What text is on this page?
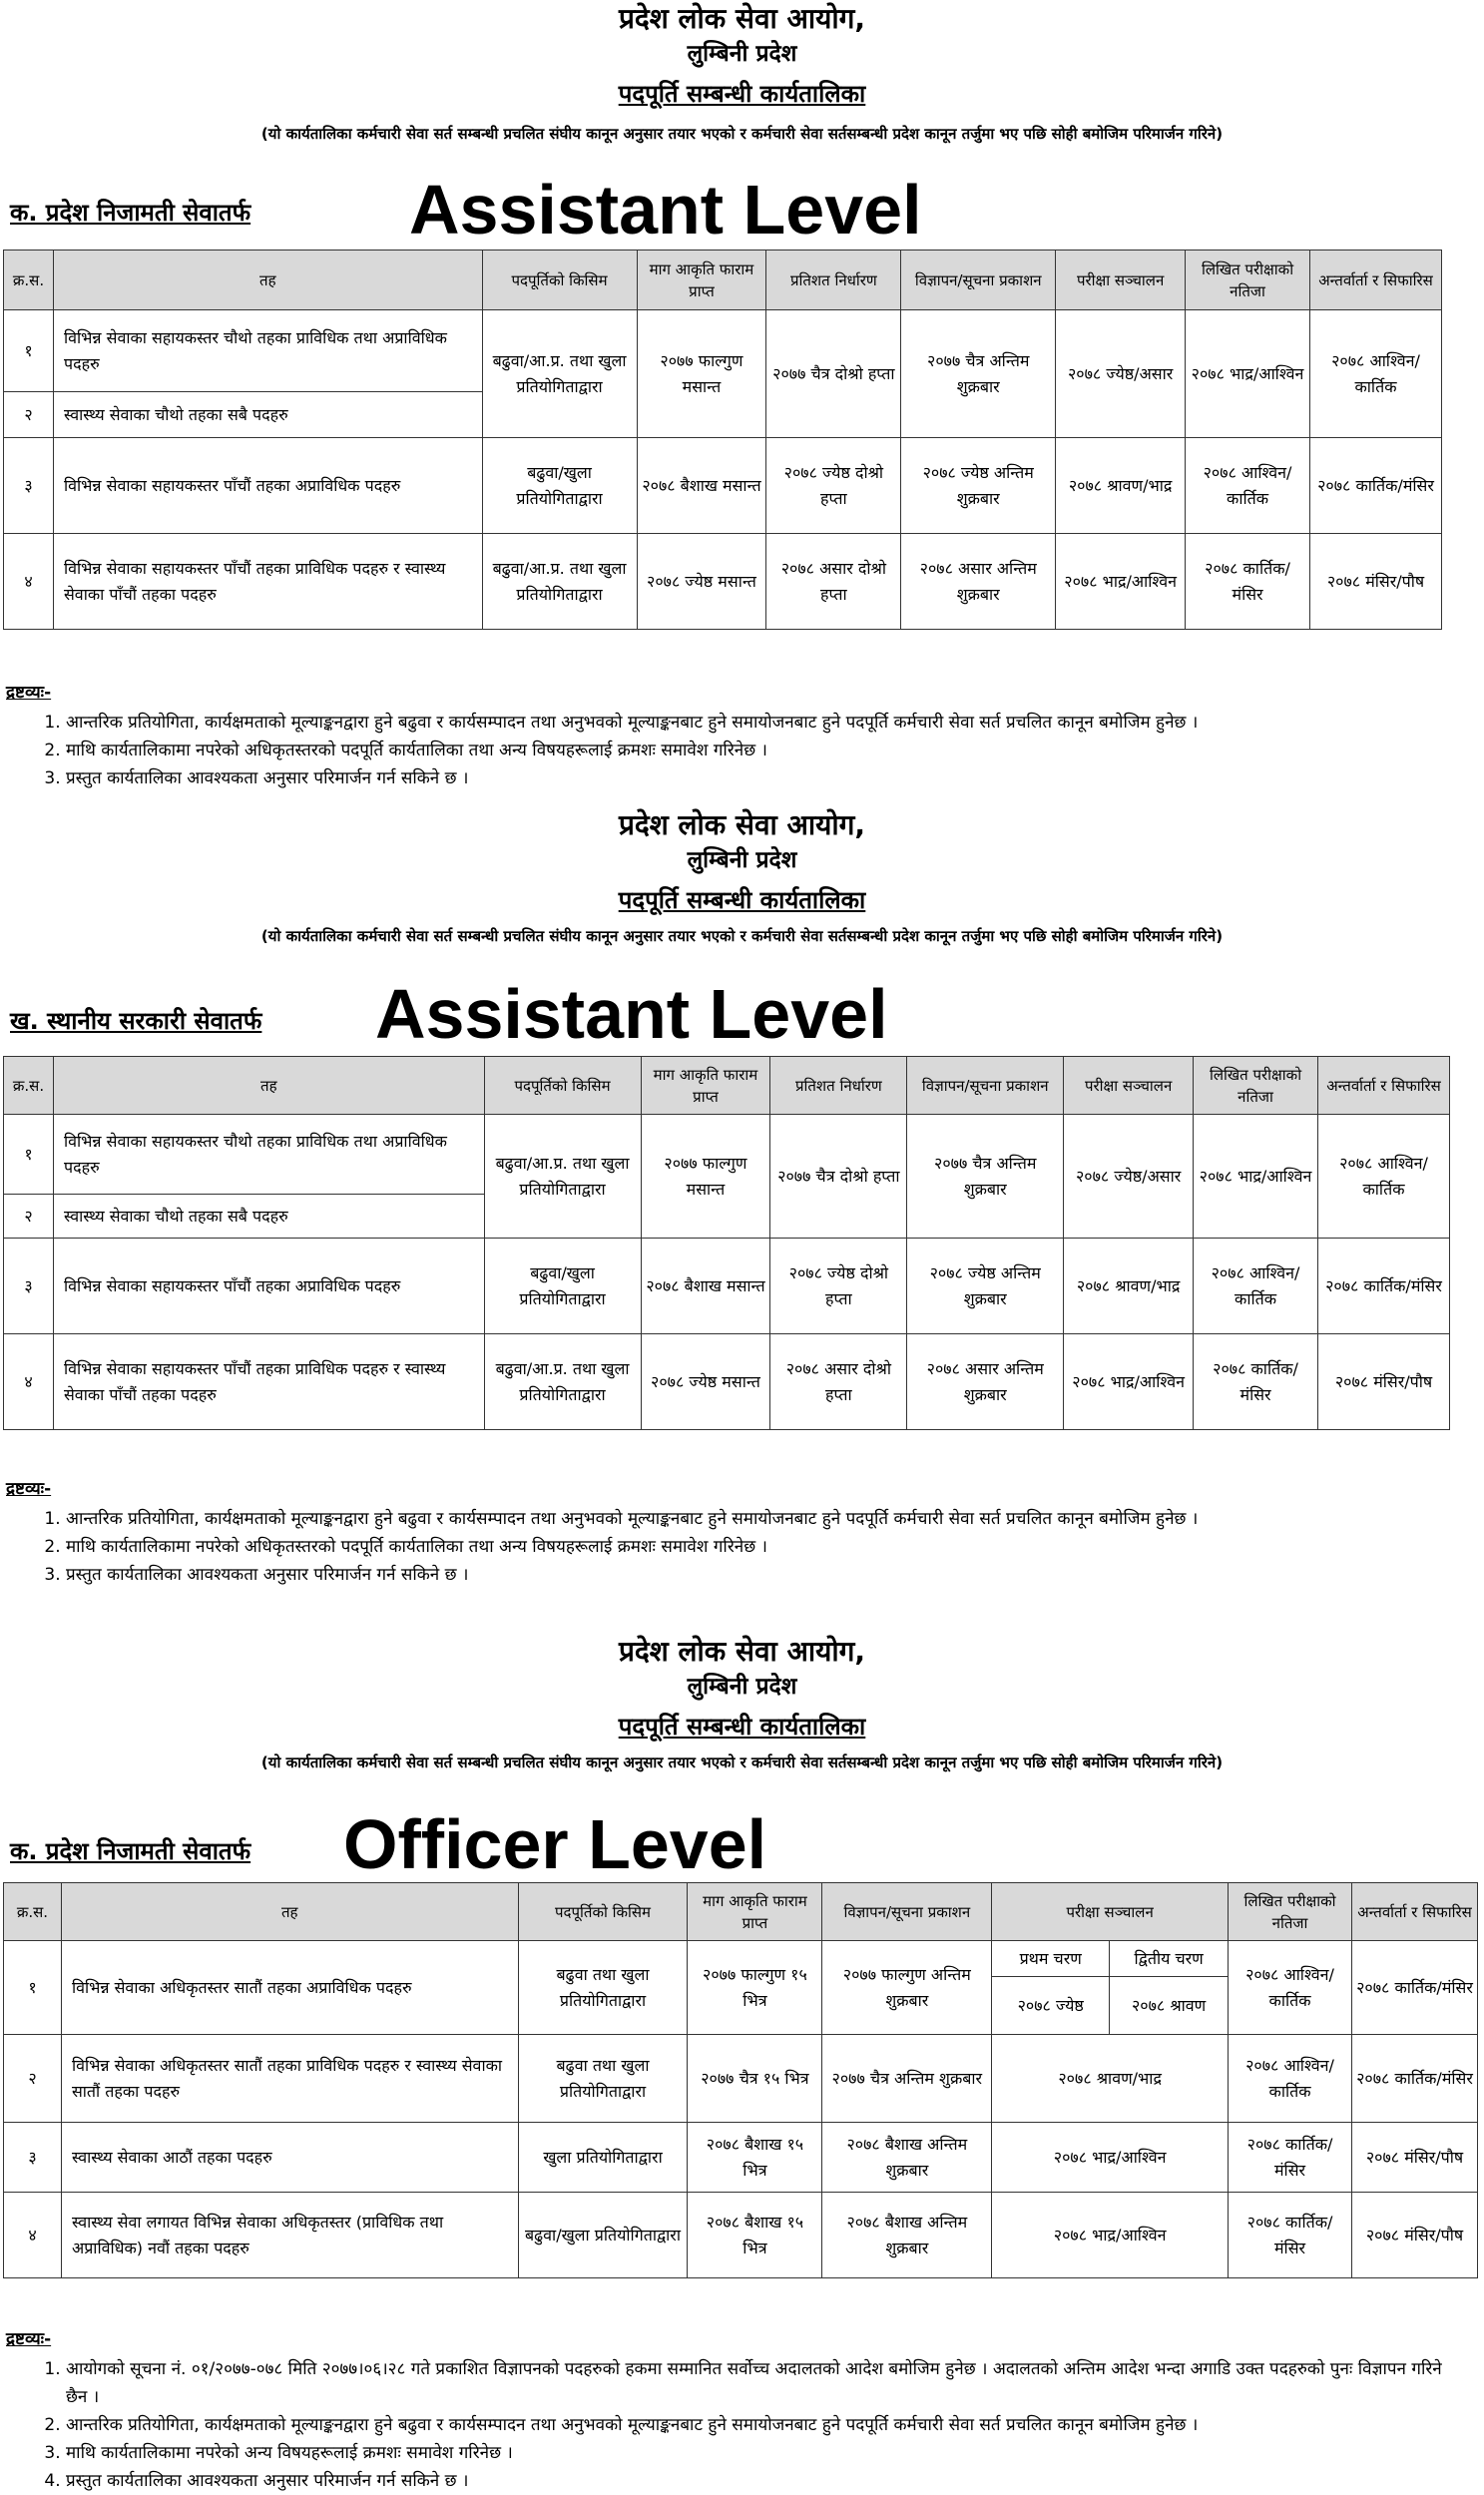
प्रदेश लोक सेवा आयोग,
लुम्बिनी प्रदेश
पदपूर्ति सम्बन्धी कार्यतालिका
(यो कार्यतालिका कर्मचारी सेवा सर्त सम्बन्धी प्रचलित संघीय कानून अनुसार तयार भएको र कर्मचारी सेवा सर्तसम्बन्धी प्रदेश कानून तर्जुमा भए पछि सोही बमोजिम परिमार्जन गरिने)
क. प्रदेश निजामती सेवातर्फ Assistant Level
क्र.स.	तह	पदपूर्तिको किसिम	माग आकृति फाराम प्राप्त	प्रतिशत निर्धारण	विज्ञापन/सूचना प्रकाशन	परीक्षा सञ्चालन	लिखित परीक्षाको नतिजा	अन्तर्वार्ता र सिफारिस
१	विभिन्न सेवाका सहायकस्तर चौथो तहका प्राविधिक तथा अप्राविधिक पदहरु	बढुवा/आ.प्र. तथा खुला प्रतियोगिताद्वारा	२०७७ फाल्गुण मसान्त	२०७७ चैत्र दोश्रो हप्ता	२०७७ चैत्र अन्तिम शुक्रबार	२०७८ ज्येष्ठ/असार	२०७८ भाद्र/आश्विन	२०७८ आश्विन/कार्तिक
२	स्वास्थ्य सेवाका चौथो तहका सबै पदहरु							
३	विभिन्न सेवाका सहायकस्तर पाँचौं तहका अप्राविधिक पदहरु	बढुवा/खुला प्रतियोगिताद्वारा	२०७८ बैशाख मसान्त	२०७८ ज्येष्ठ दोश्रो हप्ता	२०७८ ज्येष्ठ अन्तिम शुक्रबार	२०७८ श्रावण/भाद्र	२०७८ आश्विन/कार्तिक	२०७८ कार्तिक/मंसिर
४	विभिन्न सेवाका सहायकस्तर पाँचौं तहका प्राविधिक पदहरु र स्वास्थ्य सेवाका पाँचौं तहका पदहरु	बढुवा/आ.प्र. तथा खुला प्रतियोगिताद्वारा	२०७८ ज्येष्ठ मसान्त	२०७८ असार दोश्रो हप्ता	२०७८ असार अन्तिम शुक्रबार	२०७८ भाद्र/आश्विन	२०७८ कार्तिक/मंसिर	२०७८ मंसिर/पौष
द्रष्टव्यः-
1. आन्तरिक प्रतियोगिता, कार्यक्षमताको मूल्याङ्कनद्वारा हुने बढुवा र कार्यसम्पादन तथा अनुभवको मूल्याङ्कनबाट हुने समायोजनबाट हुने पदपूर्ति कर्मचारी सेवा सर्त प्रचलित कानून बमोजिम हुनेछ ।
2. माथि कार्यतालिकामा नपरेको अधिकृतस्तरको पदपूर्ति कार्यतालिका तथा अन्य विषयहरूलाई क्रमशः समावेश गरिनेछ ।
3. प्रस्तुत कार्यतालिका आवश्यकता अनुसार परिमार्जन गर्न सकिने छ ।
प्रदेश लोक सेवा आयोग,
लुम्बिनी प्रदेश
पदपूर्ति सम्बन्धी कार्यतालिका
(यो कार्यतालिका कर्मचारी सेवा सर्त सम्बन्धी प्रचलित संघीय कानून अनुसार तयार भएको र कर्मचारी सेवा सर्तसम्बन्धी प्रदेश कानून तर्जुमा भए पछि सोही बमोजिम परिमार्जन गरिने)
ख. स्थानीय सरकारी सेवातर्फ Assistant Level
क्र.स.	तह	पदपूर्तिको किसिम	माग आकृति फाराम प्राप्त	प्रतिशत निर्धारण	विज्ञापन/सूचना प्रकाशन	परीक्षा सञ्चालन	लिखित परीक्षाको नतिजा	अन्तर्वार्ता र सिफारिस
१	विभिन्न सेवाका सहायकस्तर चौथो तहका प्राविधिक तथा अप्राविधिक पदहरु	बढुवा/आ.प्र. तथा खुला प्रतियोगिताद्वारा	२०७७ फाल्गुण मसान्त	२०७७ चैत्र दोश्रो हप्ता	२०७७ चैत्र अन्तिम शुक्रबार	२०७८ ज्येष्ठ/असार	२०७८ भाद्र/आश्विन	२०७८ आश्विन/कार्तिक
२	स्वास्थ्य सेवाका चौथो तहका सबै पदहरु							
३	विभिन्न सेवाका सहायकस्तर पाँचौं तहका अप्राविधिक पदहरु	बढुवा/खुला प्रतियोगिताद्वारा	२०७८ बैशाख मसान्त	२०७८ ज्येष्ठ दोश्रो हप्ता	२०७८ ज्येष्ठ अन्तिम शुक्रबार	२०७८ श्रावण/भाद्र	२०७८ आश्विन/कार्तिक	२०७८ कार्तिक/मंसिर
४	विभिन्न सेवाका सहायकस्तर पाँचौं तहका प्राविधिक पदहरु र स्वास्थ्य सेवाका पाँचौं तहका पदहरु	बढुवा/आ.प्र. तथा खुला प्रतियोगिताद्वारा	२०७८ ज्येष्ठ मसान्त	२०७८ असार दोश्रो हप्ता	२०७८ असार अन्तिम शुक्रबार	२०७८ भाद्र/आश्विन	२०७८ कार्तिक/मंसिर	२०७८ मंसिर/पौष
द्रष्टव्यः-
1. आन्तरिक प्रतियोगिता, कार्यक्षमताको मूल्याङ्कनद्वारा हुने बढुवा र कार्यसम्पादन तथा अनुभवको मूल्याङ्कनबाट हुने समायोजनबाट हुने पदपूर्ति कर्मचारी सेवा सर्त प्रचलित कानून बमोजिम हुनेछ ।
2. माथि कार्यतालिकामा नपरेको अधिकृतस्तरको पदपूर्ति कार्यतालिका तथा अन्य विषयहरूलाई क्रमशः समावेश गरिनेछ ।
3. प्रस्तुत कार्यतालिका आवश्यकता अनुसार परिमार्जन गर्न सकिने छ ।
प्रदेश लोक सेवा आयोग,
लुम्बिनी प्रदेश
पदपूर्ति सम्बन्धी कार्यतालिका
(यो कार्यतालिका कर्मचारी सेवा सर्त सम्बन्धी प्रचलित संघीय कानून अनुसार तयार भएको र कर्मचारी सेवा सर्तसम्बन्धी प्रदेश कानून तर्जुमा भए पछि सोही बमोजिम परिमार्जन गरिने)
क. प्रदेश निजामती सेवातर्फ Officer Level
क्र.स.	तह	पदपूर्तिको किसिम	माग आकृति फाराम प्राप्त	विज्ञापन/सूचना प्रकाशन	परीक्षा सञ्चालन		लिखित परीक्षाको नतिजा	अन्तर्वार्ता र सिफारिस
१	विभिन्न सेवाका अधिकृतस्तर सातौं तहका अप्राविधिक पदहरु	बढुवा तथा खुला प्रतियोगिताद्वारा	२०७७ फाल्गुण १५ भित्र	२०७७ फाल्गुण अन्तिम शुक्रबार	प्रथम चरण	द्वितीय चरण	२०७८ आश्विन/कार्तिक	२०७८ कार्तिक/मंसिर
					२०७८ ज्येष्ठ	२०७८ श्रावण		
२	विभिन्न सेवाका अधिकृतस्तर सातौं तहका प्राविधिक पदहरु र स्वास्थ्य सेवाका सातौं तहका पदहरु	बढुवा तथा खुला प्रतियोगिताद्वारा	२०७७ चैत्र १५ भित्र	२०७७ चैत्र अन्तिम शुक्रबार	२०७८ श्रावण/भाद्र		२०७८ आश्विन/कार्तिक	२०७८ कार्तिक/मंसिर
३	स्वास्थ्य सेवाका आठौं तहका पदहरु	खुला प्रतियोगिताद्वारा	२०७८ बैशाख १५ भित्र	२०७८ बैशाख अन्तिम शुक्रबार	२०७८ भाद्र/आश्विन		२०७८ कार्तिक/मंसिर	२०७८ मंसिर/पौष
४	स्वास्थ्य सेवा लगायत विभिन्न सेवाका अधिकृतस्तर (प्राविधिक तथा अप्राविधिक) नवौं तहका पदहरु	बढुवा/खुला प्रतियोगिताद्वारा	२०७८ बैशाख १५ भित्र	२०७८ बैशाख अन्तिम शुक्रबार	२०७८ भाद्र/आश्विन		२०७८ कार्तिक/मंसिर	२०७८ मंसिर/पौष
द्रष्टव्यः-
1. आयोगको सूचना नं. ०१/२०७७-०७८ मिति २०७७।०६।२८ गते प्रकाशित विज्ञापनको पदहरुको हकमा सम्मानित सर्वोच्च अदालतको आदेश बमोजिम हुनेछ । अदालतको अन्तिम आदेश भन्दा अगाडि उक्त पदहरुको पुनः विज्ञापन गरिने छैन ।
2. आन्तरिक प्रतियोगिता, कार्यक्षमताको मूल्याङ्कनद्वारा हुने बढुवा र कार्यसम्पादन तथा अनुभवको मूल्याङ्कनबाट हुने समायोजनबाट हुने पदपूर्ति कर्मचारी सेवा सर्त प्रचलित कानून बमोजिम हुनेछ ।
3. माथि कार्यतालिकामा नपरेको अन्य विषयहरूलाई क्रमशः समावेश गरिनेछ ।
4. प्रस्तुत कार्यतालिका आवश्यकता अनुसार परिमार्जन गर्न सकिने छ ।
